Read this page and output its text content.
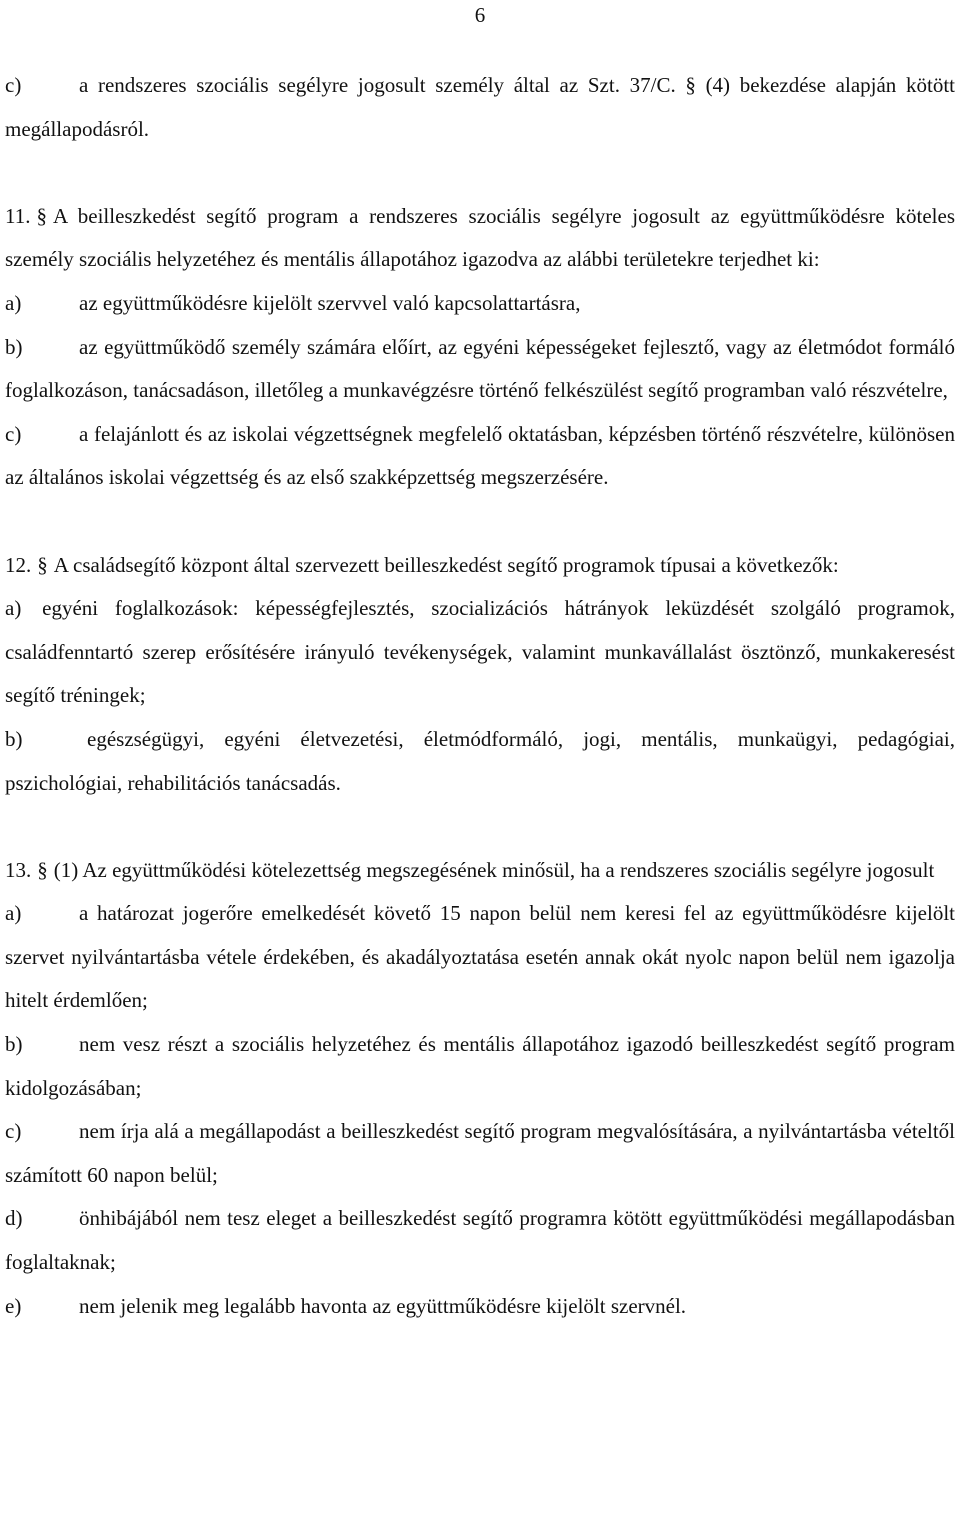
6

c)	a rendszeres szociális segélyre jogosult személy által az Szt. 37/C. § (4) bekezdése alapján kötött megállapodásról.

11. § A beilleszkedést segítő program a rendszeres szociális segélyre jogosult az együttműködésre köteles személy szociális helyzetéhez és mentális állapotához igazodva az alábbi területekre terjedhet ki:

a)	az együttműködésre kijelölt szervvel való kapcsolattartásra,

b)	az együttműködő személy számára előírt, az egyéni képességeket fejlesztő, vagy az életmódot formáló foglalkozáson, tanácsadáson, illetőleg a munkavégzésre történő felkészülést segítő programban való részvételre,

c)	a felajánlott és az iskolai végzettségnek megfelelő oktatásban, képzésben történő részvételre, különösen az általános iskolai végzettség és az első szakképzettség megszerzésére.

12. § A családsegítő központ által szervezett beilleszkedést segítő programok típusai a következők:

a) egyéni foglalkozások: képességfejlesztés, szocializációs hátrányok leküzdését szolgáló programok, családfenntartó szerep erősítésére irányuló tevékenységek, valamint munkavállalást ösztönző, munkakeresést segítő tréningek;

b)	egészségügyi, egyéni életvezetési, életmódformáló, jogi, mentális, munkaügyi, pedagógiai, pszichológiai, rehabilitációs tanácsadás.

13. § (1) Az együttműködési kötelezettség megszegésének minősül, ha a rendszeres szociális segélyre jogosult

a)	a határozat jogerőre emelkedését követő 15 napon belül nem keresi fel az együttműködésre kijelölt szervet nyilvántartásba vétele érdekében, és akadályoztatása esetén annak okát nyolc napon belül nem igazolja hitelt érdemlően;

b)	nem vesz részt a szociális helyzetéhez és mentális állapotához igazodó beilleszkedést segítő program kidolgozásában;

c)	nem írja alá a megállapodást a beilleszkedést segítő program megvalósítására, a nyilvántartásba vételtől számított 60 napon belül;

d)	önhibájából nem tesz eleget a beilleszkedést segítő programra kötött együttműködési megállapodásban foglaltaknak;

e)	nem jelenik meg legalább havonta az együttműködésre kijelölt szervnél.
